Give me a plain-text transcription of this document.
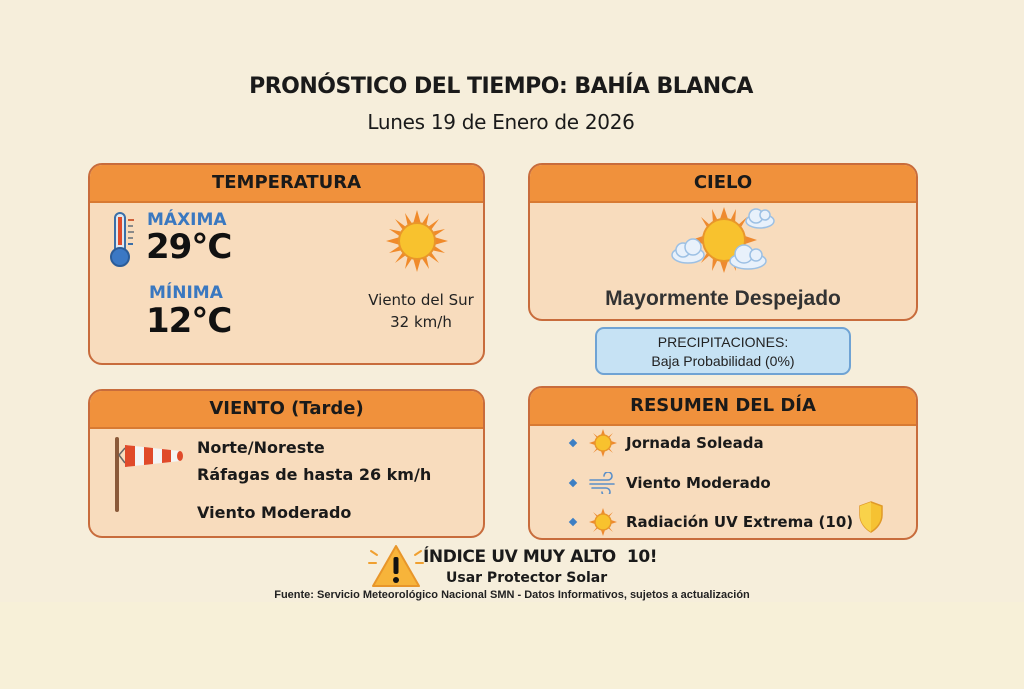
PRONÓSTICO DEL TIEMPO: BAHÍA BLANCA
Lunes 19 de Enero de 2026
TEMPERATURA
MÁXIMA
29°C
MÍNIMA
12°C
Viento del Sur
32 km/h
CIELO
Mayormente Despejado
PRECIPITACIONES:
Baja Probabilidad (0%)
VIENTO (Tarde)
Norte/Noreste
Ráfagas de hasta 26 km/h
Viento Moderado
RESUMEN DEL DÍA
Jornada Soleada
Viento Moderado
Radiación UV Extrema (10)
ÍNDICE UV MUY ALTO  10!
Usar Protector Solar
Fuente: Servicio Meteorológico Nacional SMN - Datos Informativos, sujetos a actualización
